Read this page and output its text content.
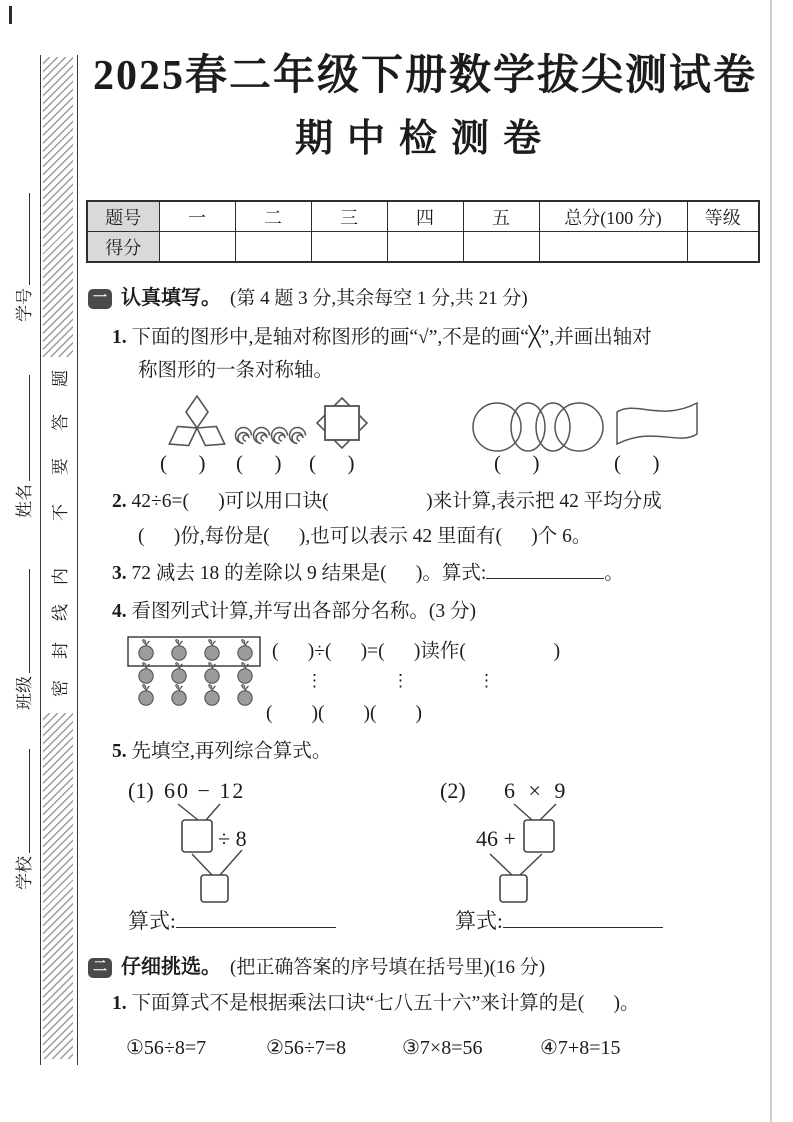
题
答
要
不
内
线
封
密
学号
姓名
班级
学校
2025春二年级下册数学拔尖测试卷
期中检测卷
题号	一	二	三	四	五	总分(100 分)	等级
得分							
一 认真填写。 (第 4 题 3 分,其余每空 1 分,共 21 分)
1. 下面的图形中,是轴对称图形的画“√”,不是的画“╳”,并画出轴对
称图形的一条对称轴。
(      ) (      ) (      )	(      )	(      )
2. 42÷6=(      )可以用口诀(                    )来计算,表示把 42 平均分成
(      )份,每份是(      ),也可以表示 42 里面有(      )个 6。
3. 72 减去 18 的差除以 9 结果是(      )。算式:	。
4. 看图列式计算,并写出各部分名称。(3 分)
(      )÷(      )=(      )读作(                  )
⋮	⋮	⋮
(        )(        )(        )
5. 先填空,再列综合算式。
(1) 60 − 12
÷ 8
(2) 6 × 9
46 +
算式:	算式:
二 仔细挑选。 (把正确答案的序号填在括号里)(16 分)
1. 下面算式不是根据乘法口诀“七八五十六”来计算的是(      )。
①56÷8=7	②56÷7=8	③7×8=56	④7+8=15
